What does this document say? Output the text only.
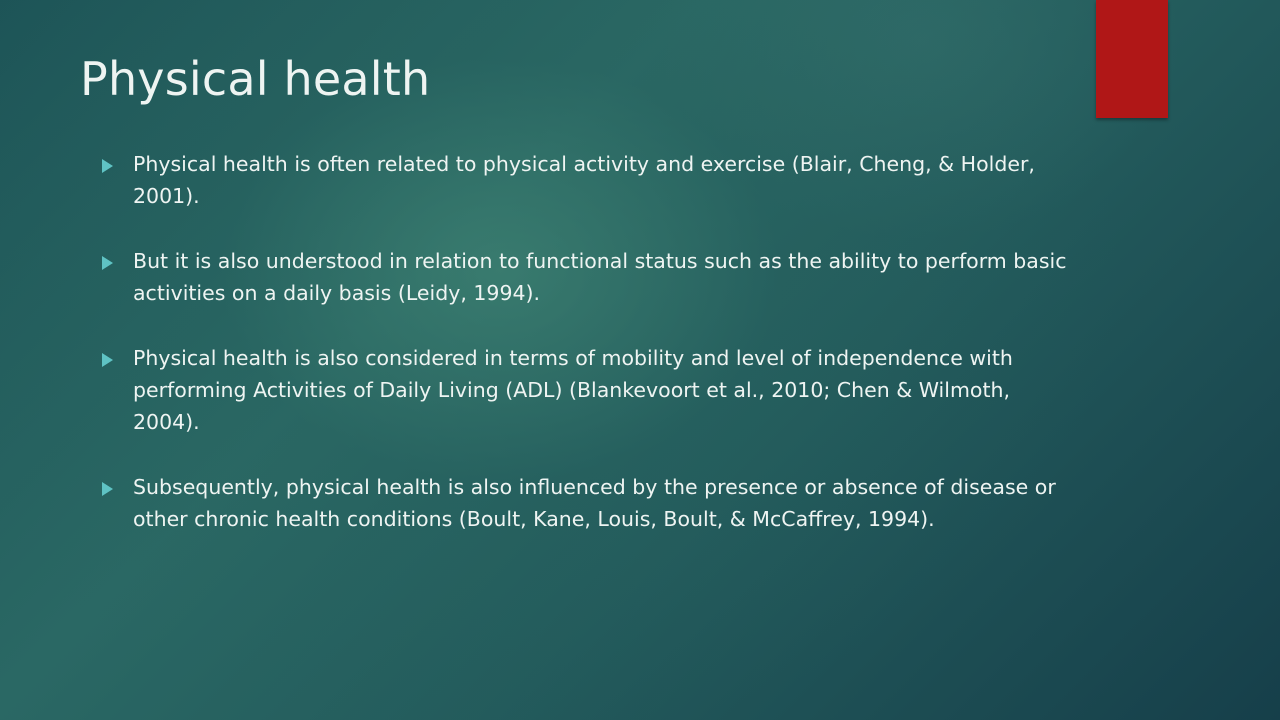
Physical health
Physical health is often related to physical activity and exercise (Blair, Cheng, & Holder, 2001).
But it is also understood in relation to functional status such as the ability to perform basic activities on a daily basis (Leidy, 1994).
Physical health is also considered in terms of mobility and level of independence with performing Activities of Daily Living (ADL) (Blankevoort et al., 2010; Chen & Wilmoth, 2004).
Subsequently, physical health is also influenced by the presence or absence of disease or other chronic health conditions (Boult, Kane, Louis, Boult, & McCaffrey, 1994).
